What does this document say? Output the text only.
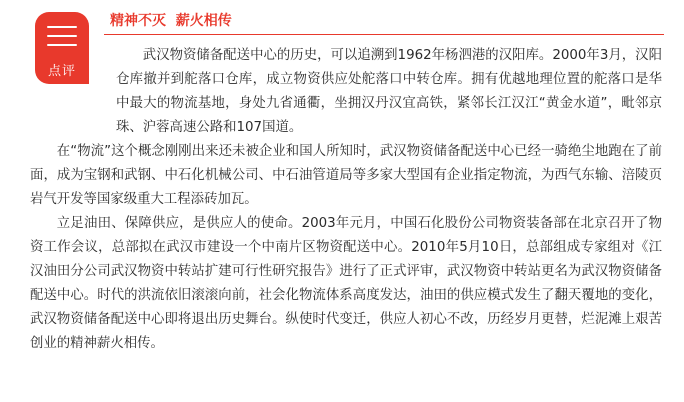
点评
精神不灭  薪火相传

武汉物资储备配送中心的历史，可以追溯到1962年杨泗港的汉阳库。2000年3月，汉阳仓库撤并到舵落口仓库，成立物资供应处舵落口中转仓库。拥有优越地理位置的舵落口是华中最大的物流基地，身处九省通衢，坐拥汉丹汉宜高铁，紧邻长江汉江“黄金水道”，毗邻京珠、沪蓉高速公路和107国道。

在“物流”这个概念刚刚出来还未被企业和国人所知时，武汉物资储备配送中心已经一骑绝尘地跑在了前面，成为宝钢和武钢、中石化机械公司、中石油管道局等多家大型国有企业指定物流，为西气东输、涪陵页岩气开发等国家级重大工程添砖加瓦。

立足油田、保障供应，是供应人的使命。2003年元月，中国石化股份公司物资装备部在北京召开了物资工作会议，总部拟在武汉市建设一个中南片区物资配送中心。2010年5月10日，总部组成专家组对《江汉油田分公司武汉物资中转站扩建可行性研究报告》进行了正式评审，武汉物资中转站更名为武汉物资储备配送中心。时代的洪流依旧滚滚向前，社会化物流体系高度发达，油田的供应模式发生了翻天覆地的变化，武汉物资储备配送中心即将退出历史舞台。纵使时代变迁，供应人初心不改，历经岁月更替，烂泥滩上艰苦创业的精神薪火相传。
